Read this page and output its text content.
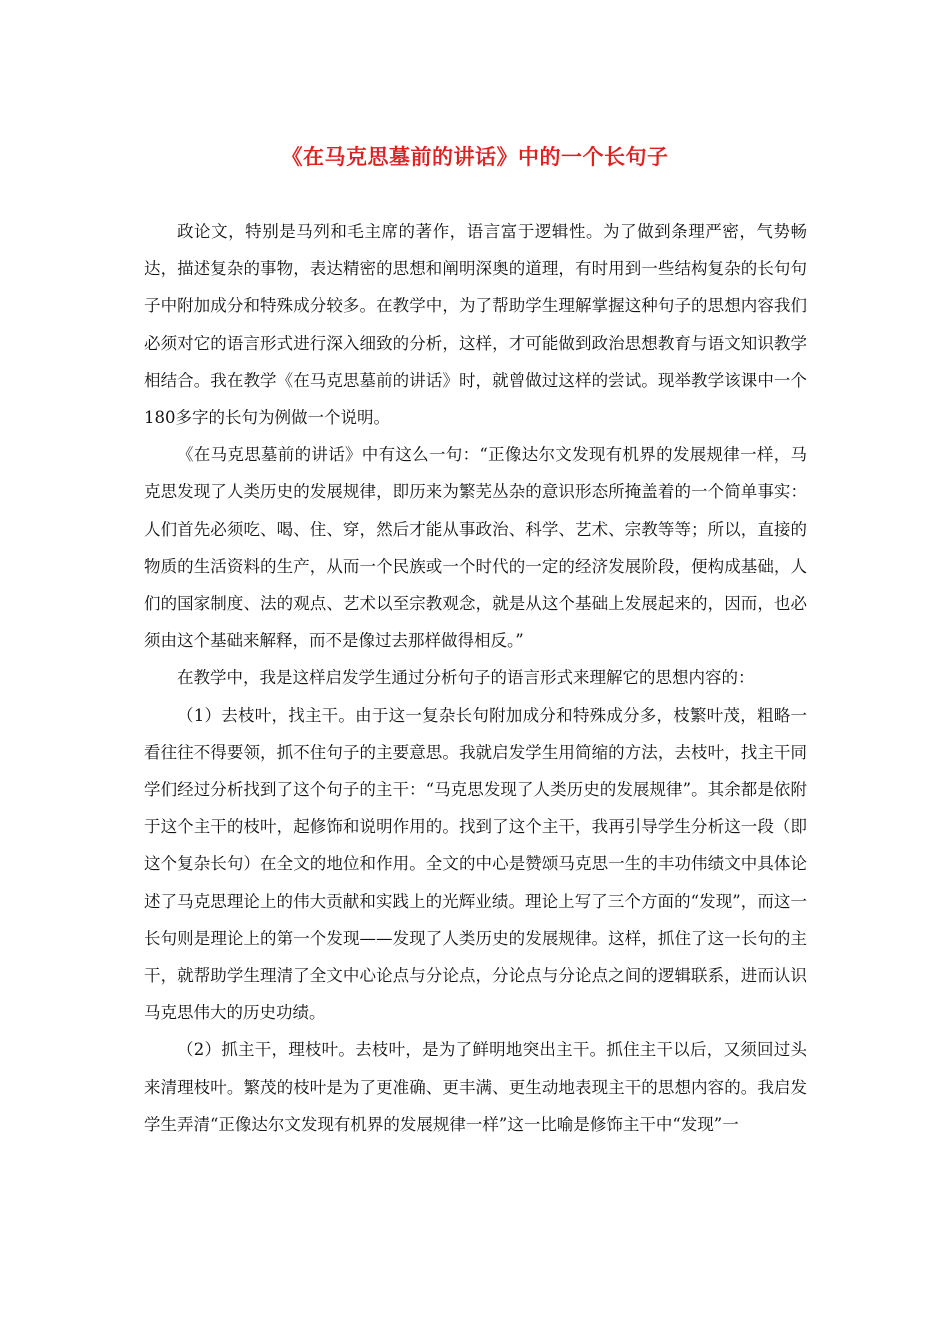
《在马克思墓前的讲话》中的一个长句子

政论文，特别是马列和毛主席的著作，语言富于逻辑性。为了做到条理严密，气势畅达，描述复杂的事物，表达精密的思想和阐明深奥的道理，有时用到一些结构复杂的长句句子中附加成分和特殊成分较多。在教学中，为了帮助学生理解掌握这种句子的思想内容我们必须对它的语言形式进行深入细致的分析，这样，才可能做到政治思想教育与语文知识教学相结合。我在教学《在马克思墓前的讲话》时，就曾做过这样的尝试。现举教学该课中一个180多字的长句为例做一个说明。

《在马克思墓前的讲话》中有这么一句：“正像达尔文发现有机界的发展规律一样，马克思发现了人类历史的发展规律，即历来为繁芜丛杂的意识形态所掩盖着的一个简单事实：人们首先必须吃、喝、住、穿，然后才能从事政治、科学、艺术、宗教等等；所以，直接的物质的生活资料的生产，从而一个民族或一个时代的一定的经济发展阶段，便构成基础，人们的国家制度、法的观点、艺术以至宗教观念，就是从这个基础上发展起来的，因而，也必须由这个基础来解释，而不是像过去那样做得相反。”

在教学中，我是这样启发学生通过分析句子的语言形式来理解它的思想内容的：

（1）去枝叶，找主干。由于这一复杂长句附加成分和特殊成分多，枝繁叶茂，粗略一看往往不得要领，抓不住句子的主要意思。我就启发学生用简缩的方法，去枝叶，找主干同学们经过分析找到了这个句子的主干：“马克思发现了人类历史的发展规律”。其余都是依附于这个主干的枝叶，起修饰和说明作用的。找到了这个主干，我再引导学生分析这一段（即这个复杂长句）在全文的地位和作用。全文的中心是赞颂马克思一生的丰功伟绩文中具体论述了马克思理论上的伟大贡献和实践上的光辉业绩。理论上写了三个方面的“发现”，而这一长句则是理论上的第一个发现——发现了人类历史的发展规律。这样，抓住了这一长句的主干，就帮助学生理清了全文中心论点与分论点，分论点与分论点之间的逻辑联系，进而认识马克思伟大的历史功绩。

（2）抓主干，理枝叶。去枝叶，是为了鲜明地突出主干。抓住主干以后，又须回过头来清理枝叶。繁茂的枝叶是为了更准确、更丰满、更生动地表现主干的思想内容的。我启发学生弄清“正像达尔文发现有机界的发展规律一样”这一比喻是修饰主干中“发现”一
